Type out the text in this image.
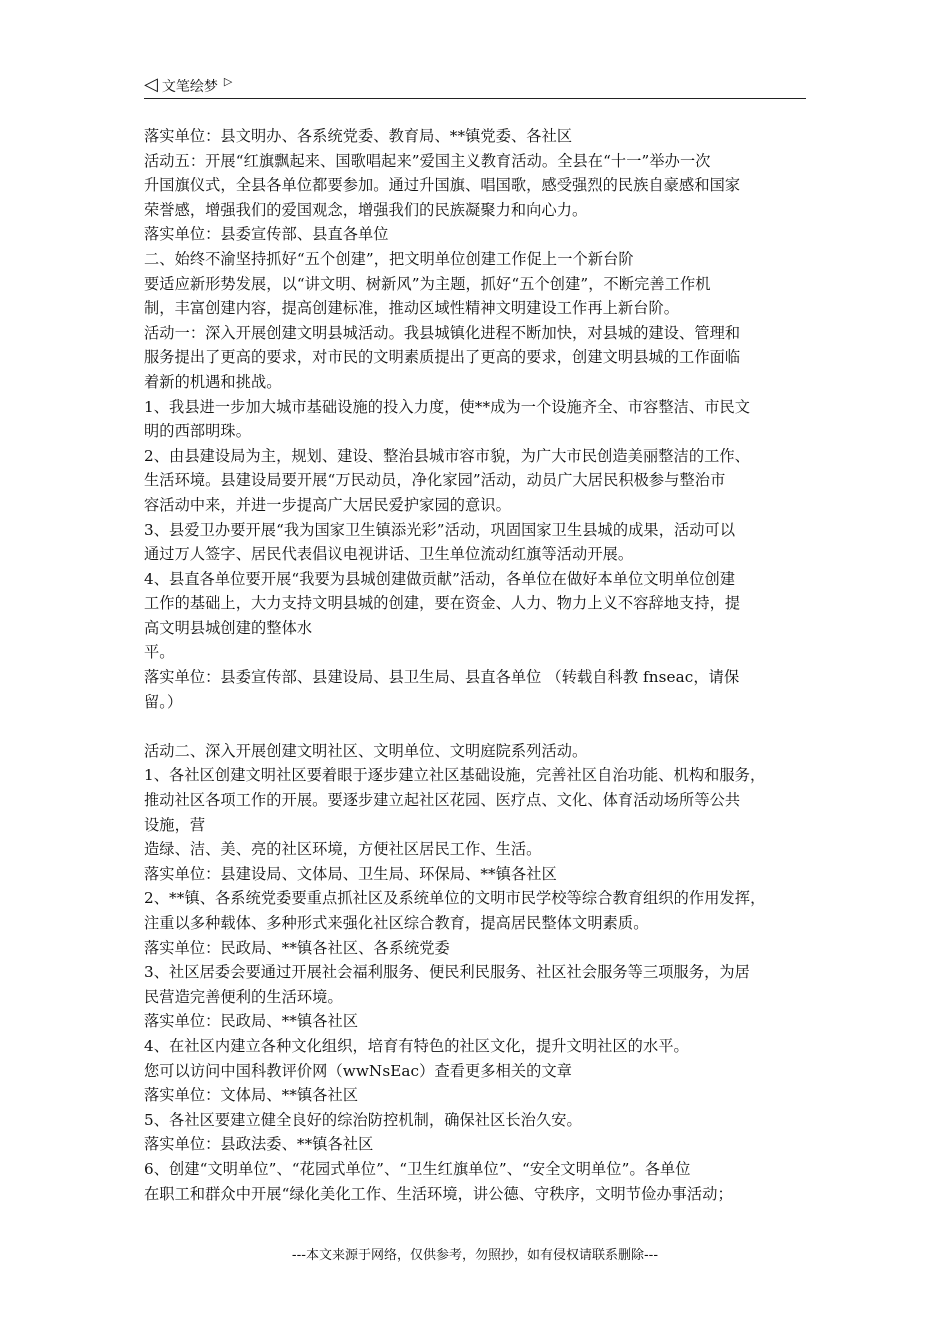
◁ 文笔绘梦 ▷
落实单位：县文明办、各系统党委、教育局、**镇党委、各社区
活动五：开展“红旗飘起来、国歌唱起来”爱国主义教育活动。全县在“十一”举办一次
升国旗仪式，全县各单位都要参加。通过升国旗、唱国歌，感受强烈的民族自豪感和国家
荣誉感，增强我们的爱国观念，增强我们的民族凝聚力和向心力。
落实单位：县委宣传部、县直各单位
二、始终不渝坚持抓好“五个创建”，把文明单位创建工作促上一个新台阶
要适应新形势发展，以“讲文明、树新风”为主题，抓好“五个创建”，不断完善工作机
制，丰富创建内容，提高创建标准，推动区域性精神文明建设工作再上新台阶。
活动一：深入开展创建文明县城活动。我县城镇化进程不断加快，对县城的建设、管理和
服务提出了更高的要求，对市民的文明素质提出了更高的要求，创建文明县城的工作面临
着新的机遇和挑战。
1、我县进一步加大城市基础设施的投入力度，使**成为一个设施齐全、市容整洁、市民文
明的西部明珠。
2、由县建设局为主，规划、建设、整治县城市容市貌，为广大市民创造美丽整洁的工作、
生活环境。县建设局要开展“万民动员，净化家园”活动，动员广大居民积极参与整治市
容活动中来，并进一步提高广大居民爱护家园的意识。
3、县爱卫办要开展“我为国家卫生镇添光彩”活动，巩固国家卫生县城的成果，活动可以
通过万人签字、居民代表倡议电视讲话、卫生单位流动红旗等活动开展。
4、县直各单位要开展“我要为县城创建做贡献”活动，各单位在做好本单位文明单位创建
工作的基础上，大力支持文明县城的创建，要在资金、人力、物力上义不容辞地支持，提
高文明县城创建的整体水
平。
落实单位：县委宣传部、县建设局、县卫生局、县直各单位 （转载自科教 fnseac，请保
留。）
活动二、深入开展创建文明社区、文明单位、文明庭院系列活动。
1、各社区创建文明社区要着眼于逐步建立社区基础设施，完善社区自治功能、机构和服务，
推动社区各项工作的开展。要逐步建立起社区花园、医疗点、文化、体育活动场所等公共
设施，营
造绿、洁、美、亮的社区环境，方便社区居民工作、生活。
落实单位：县建设局、文体局、卫生局、环保局、**镇各社区
2、**镇、各系统党委要重点抓社区及系统单位的文明市民学校等综合教育组织的作用发挥，
注重以多种载体、多种形式来强化社区综合教育，提高居民整体文明素质。
落实单位：民政局、**镇各社区、各系统党委
3、社区居委会要通过开展社会福利服务、便民利民服务、社区社会服务等三项服务，为居
民营造完善便利的生活环境。
落实单位：民政局、**镇各社区
4、在社区内建立各种文化组织，培育有特色的社区文化，提升文明社区的水平。
您可以访问中国科教评价网（wwNsEac）查看更多相关的文章
落实单位：文体局、**镇各社区
5、各社区要建立健全良好的综治防控机制，确保社区长治久安。
落实单位：县政法委、**镇各社区
6、创建“文明单位”、“花园式单位”、“卫生红旗单位”、“安全文明单位”。各单位
在职工和群众中开展“绿化美化工作、生活环境，讲公德、守秩序，文明节俭办事活动；
---本文来源于网络，仅供参考，勿照抄，如有侵权请联系删除---
